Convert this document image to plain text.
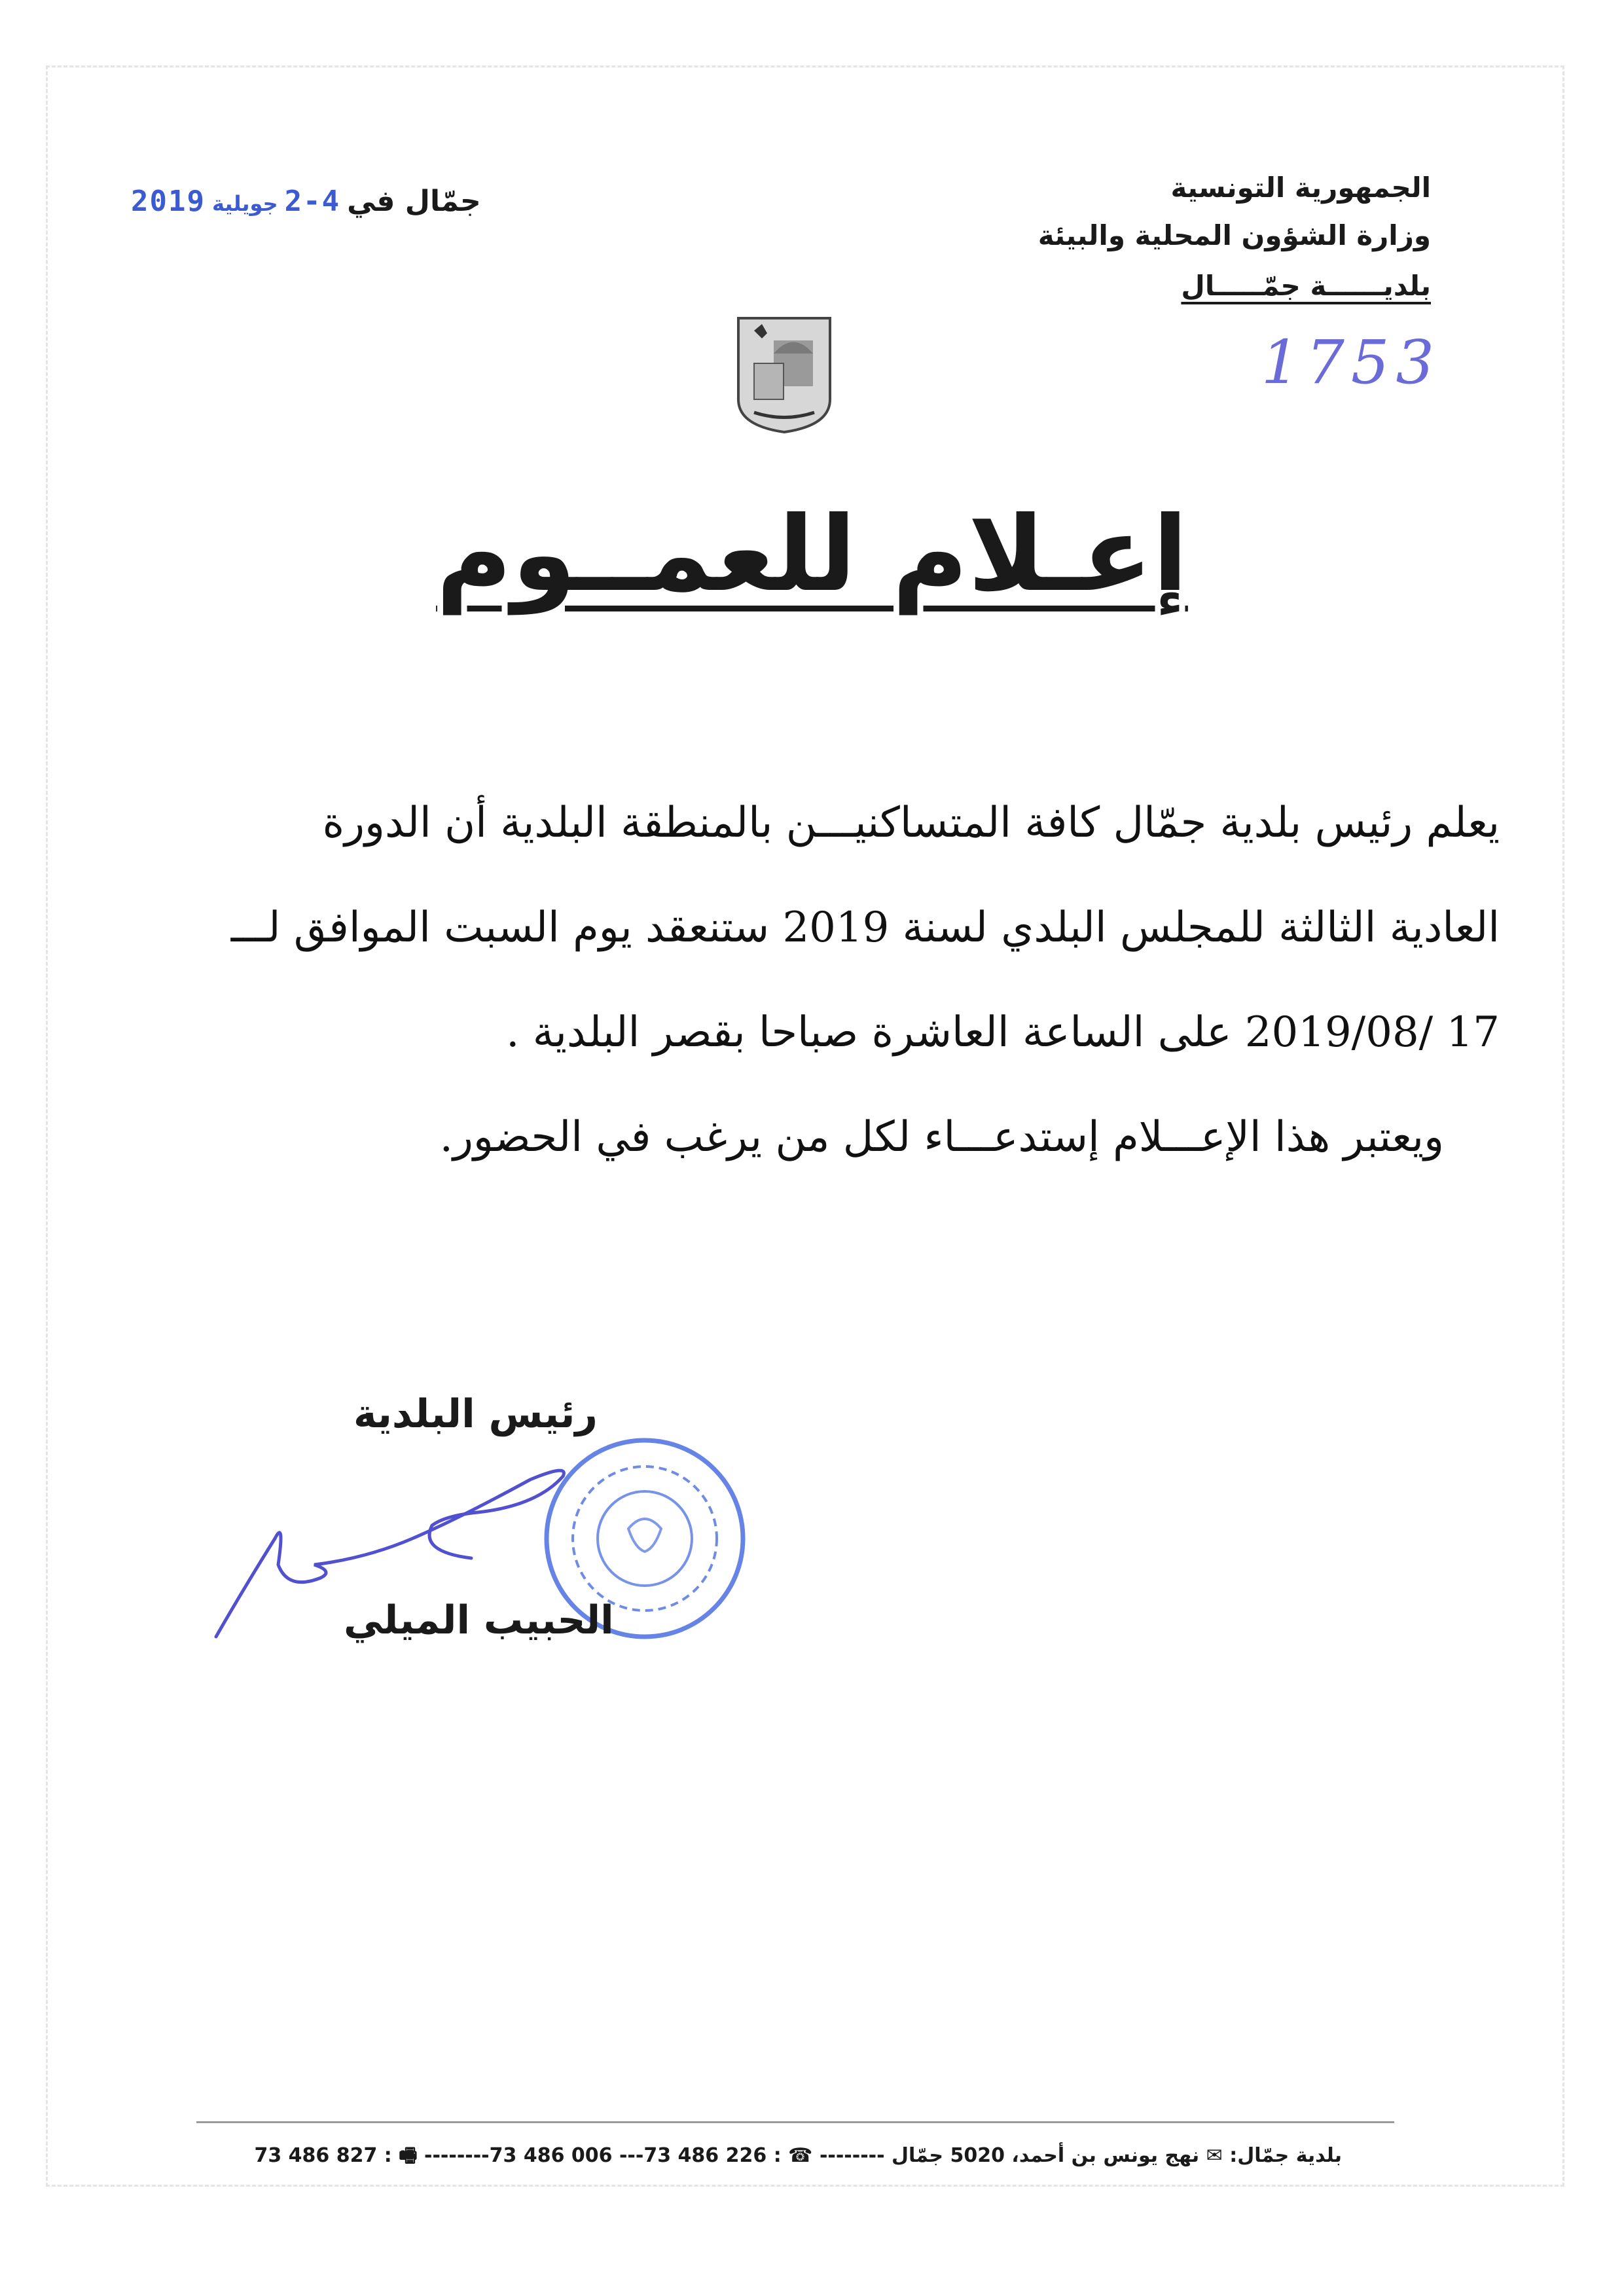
جمّال في
2-4
جويلية
2019	الجمهورية التونسية
وزارة الشؤون المحلية والبيئة
بلديــــــة جمّـــــال
1753
إعـلام للعمــوم
يعلم رئيس بلدية جمّال كافة المتساكنيـــن بالمنطقة البلدية أن الدورة
العادية الثالثة للمجلس البلدي لسنة 2019 ستنعقد يوم السبت الموافق لـــ
17 /2019/08 على الساعة العاشرة صباحا بقصر البلدية .
ويعتبر هذا الإعـــلام إستدعـــاء لكل من يرغب في الحضور.
رئيس البلدية
الحبيب الميلي
بلدية جمّال: ✉ نهج يونس بن أحمد، 5020 جمّال -------- ☎ : 226 486 73--- 006 486 73-------- 🖷 : 827 486 73
